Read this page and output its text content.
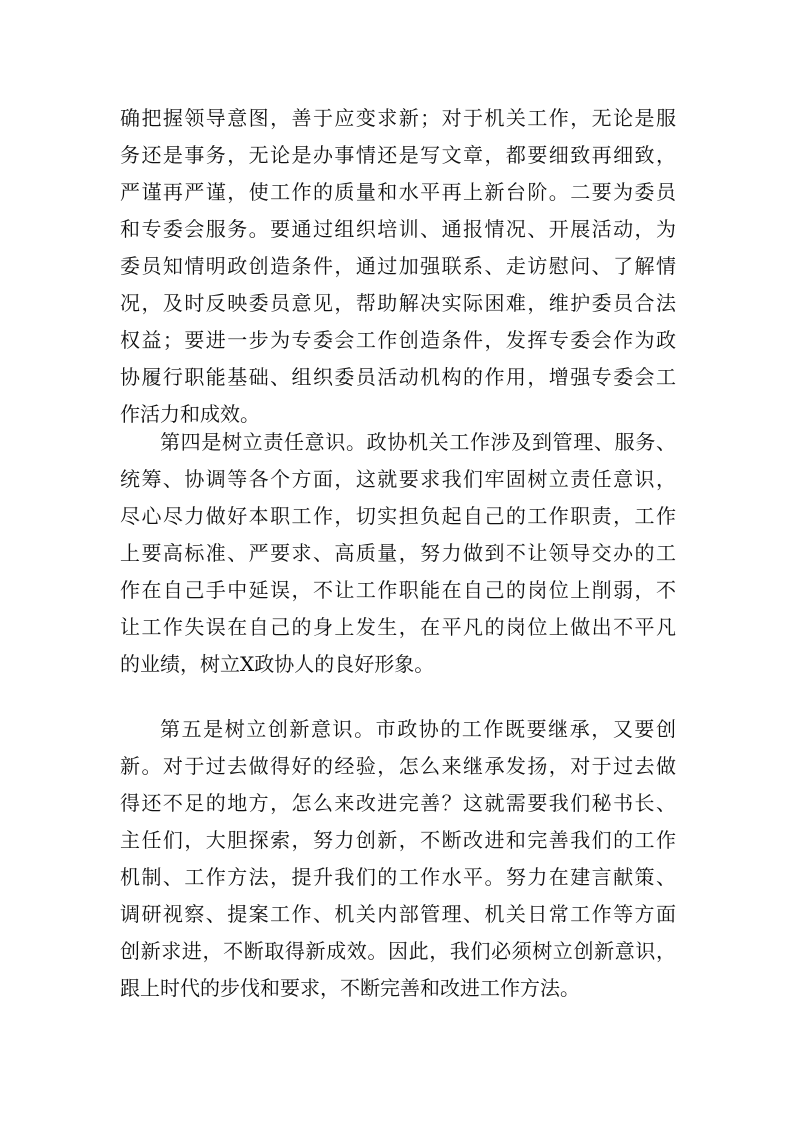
确把握领导意图，善于应变求新；对于机关工作，无论是服
务还是事务，无论是办事情还是写文章，都要细致再细致，
严谨再严谨，使工作的质量和水平再上新台阶。二要为委员
和专委会服务。要通过组织培训、通报情况、开展活动，为
委员知情明政创造条件，通过加强联系、走访慰问、了解情
况，及时反映委员意见，帮助解决实际困难，维护委员合法
权益；要进一步为专委会工作创造条件，发挥专委会作为政
协履行职能基础、组织委员活动机构的作用，增强专委会工
作活力和成效。
第四是树立责任意识。政协机关工作涉及到管理、服务、
统筹、协调等各个方面，这就要求我们牢固树立责任意识，
尽心尽力做好本职工作，切实担负起自己的工作职责，工作
上要高标准、严要求、高质量，努力做到不让领导交办的工
作在自己手中延误，不让工作职能在自己的岗位上削弱，不
让工作失误在自己的身上发生，在平凡的岗位上做出不平凡
的业绩，树立X政协人的良好形象。
第五是树立创新意识。市政协的工作既要继承，又要创
新。对于过去做得好的经验，怎么来继承发扬，对于过去做
得还不足的地方，怎么来改进完善？这就需要我们秘书长、
主任们，大胆探索，努力创新，不断改进和完善我们的工作
机制、工作方法，提升我们的工作水平。努力在建言献策、
调研视察、提案工作、机关内部管理、机关日常工作等方面
创新求进，不断取得新成效。因此，我们必须树立创新意识，
跟上时代的步伐和要求，不断完善和改进工作方法。
